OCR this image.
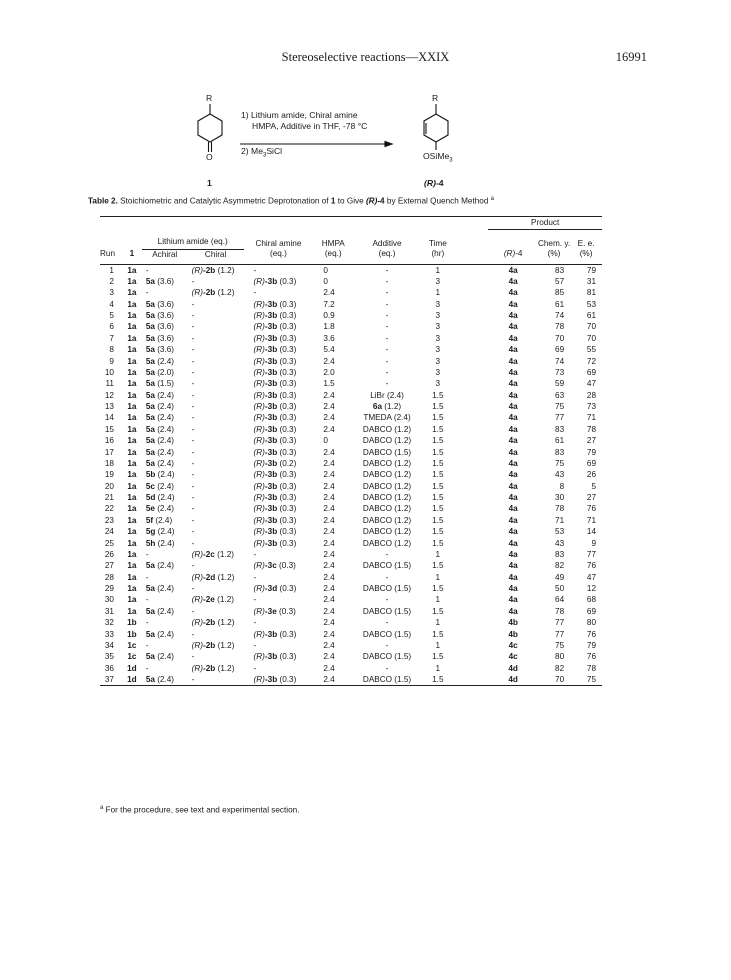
Stereoselective reactions—XXIX	16991
R
O
1) Lithium amide, Chiral amine
HMPA, Additive in THF, -78 °C
2) $Me_3SiCl$
R
OSiMe$_3$
1	(R)-4
Table 2. Stoichiometric and Catalytic Asymmetric Deprotonation of 1 to Give (R)-4 by External Quench Method $^a$
									Product		
		Lithium amide (eq.)		Chiral amine	HMPA	Additive	Time			Chem. y.	E. e.
Run	1	Achiral	Chiral	(eq.)	(eq.)	(eq.)	(hr)		(R)-4	(%)	(%)
1	1a	-	(R)-2b (1.2)	-	0	-	1		4a	83	79
2	1a	5a (3.6)	-	(R)-3b (0.3)	0	-	3		4a	57	31
3	1a	-	(R)-2b (1.2)	-	2.4	-	1		4a	85	81
4	1a	5a (3.6)	-	(R)-3b (0.3)	7.2	-	3		4a	61	53
5	1a	5a (3.6)	-	(R)-3b (0.3)	0.9	-	3		4a	74	61
6	1a	5a (3.6)	-	(R)-3b (0.3)	1.8	-	3		4a	78	70
7	1a	5a (3.6)	-	(R)-3b (0.3)	3.6	-	3		4a	70	70
8	1a	5a (3.6)	-	(R)-3b (0.3)	5.4	-	3		4a	69	55
9	1a	5a (2.4)	-	(R)-3b (0.3)	2.4	-	3		4a	74	72
10	1a	5a (2.0)	-	(R)-3b (0.3)	2.0	-	3		4a	73	69
11	1a	5a (1.5)	-	(R)-3b (0.3)	1.5	-	3		4a	59	47
12	1a	5a (2.4)	-	(R)-3b (0.3)	2.4	LiBr (2.4)	1.5		4a	63	28
13	1a	5a (2.4)	-	(R)-3b (0.3)	2.4	6a (1.2)	1.5		4a	75	73
14	1a	5a (2.4)	-	(R)-3b (0.3)	2.4	TMEDA (2.4)	1.5		4a	77	71
15	1a	5a (2.4)	-	(R)-3b (0.3)	2.4	DABCO (1.2)	1.5		4a	83	78
16	1a	5a (2.4)	-	(R)-3b (0.3)	0	DABCO (1.2)	1.5		4a	61	27
17	1a	5a (2.4)	-	(R)-3b (0.3)	2.4	DABCO (1.5)	1.5		4a	83	79
18	1a	5a (2.4)	-	(R)-3b (0.2)	2.4	DABCO (1.2)	1.5		4a	75	69
19	1a	5b (2.4)	-	(R)-3b (0.3)	2.4	DABCO (1.2)	1.5		4a	43	26
20	1a	5c (2.4)	-	(R)-3b (0.3)	2.4	DABCO (1.2)	1.5		4a	8	5
21	1a	5d (2.4)	-	(R)-3b (0.3)	2.4	DABCO (1.2)	1.5		4a	30	27
22	1a	5e (2.4)	-	(R)-3b (0.3)	2.4	DABCO (1.2)	1.5		4a	78	76
23	1a	5f (2.4)	-	(R)-3b (0.3)	2.4	DABCO (1.2)	1.5		4a	71	71
24	1a	5g (2.4)	-	(R)-3b (0.3)	2.4	DABCO (1.2)	1.5		4a	53	14
25	1a	5h (2.4)	-	(R)-3b (0.3)	2.4	DABCO (1.2)	1.5		4a	43	9
26	1a	-	(R)-2c (1.2)	-	2.4	-	1		4a	83	77
27	1a	5a (2.4)	-	(R)-3c (0.3)	2.4	DABCO (1.5)	1.5		4a	82	76
28	1a	-	(R)-2d (1.2)	-	2.4	-	1		4a	49	47
29	1a	5a (2.4)	-	(R)-3d (0.3)	2.4	DABCO (1.5)	1.5		4a	50	12
30	1a	-	(R)-2e (1.2)	-	2.4	-	1		4a	64	68
31	1a	5a (2.4)	-	(R)-3e (0.3)	2.4	DABCO (1.5)	1.5		4a	78	69
32	1b	-	(R)-2b (1.2)	-	2.4	-	1		4b	77	80
33	1b	5a (2.4)	-	(R)-3b (0.3)	2.4	DABCO (1.5)	1.5		4b	77	76
34	1c	-	(R)-2b (1.2)	-	2.4	-	1		4c	75	79
35	1c	5a (2.4)	-	(R)-3b (0.3)	2.4	DABCO (1.5)	1.5		4c	80	76
36	1d	-	(R)-2b (1.2)	-	2.4	-	1		4d	82	78
37	1d	5a (2.4)	-	(R)-3b (0.3)	2.4	DABCO (1.5)	1.5		4d	70	75
$^a$ For the procedure, see text and experimental section.
